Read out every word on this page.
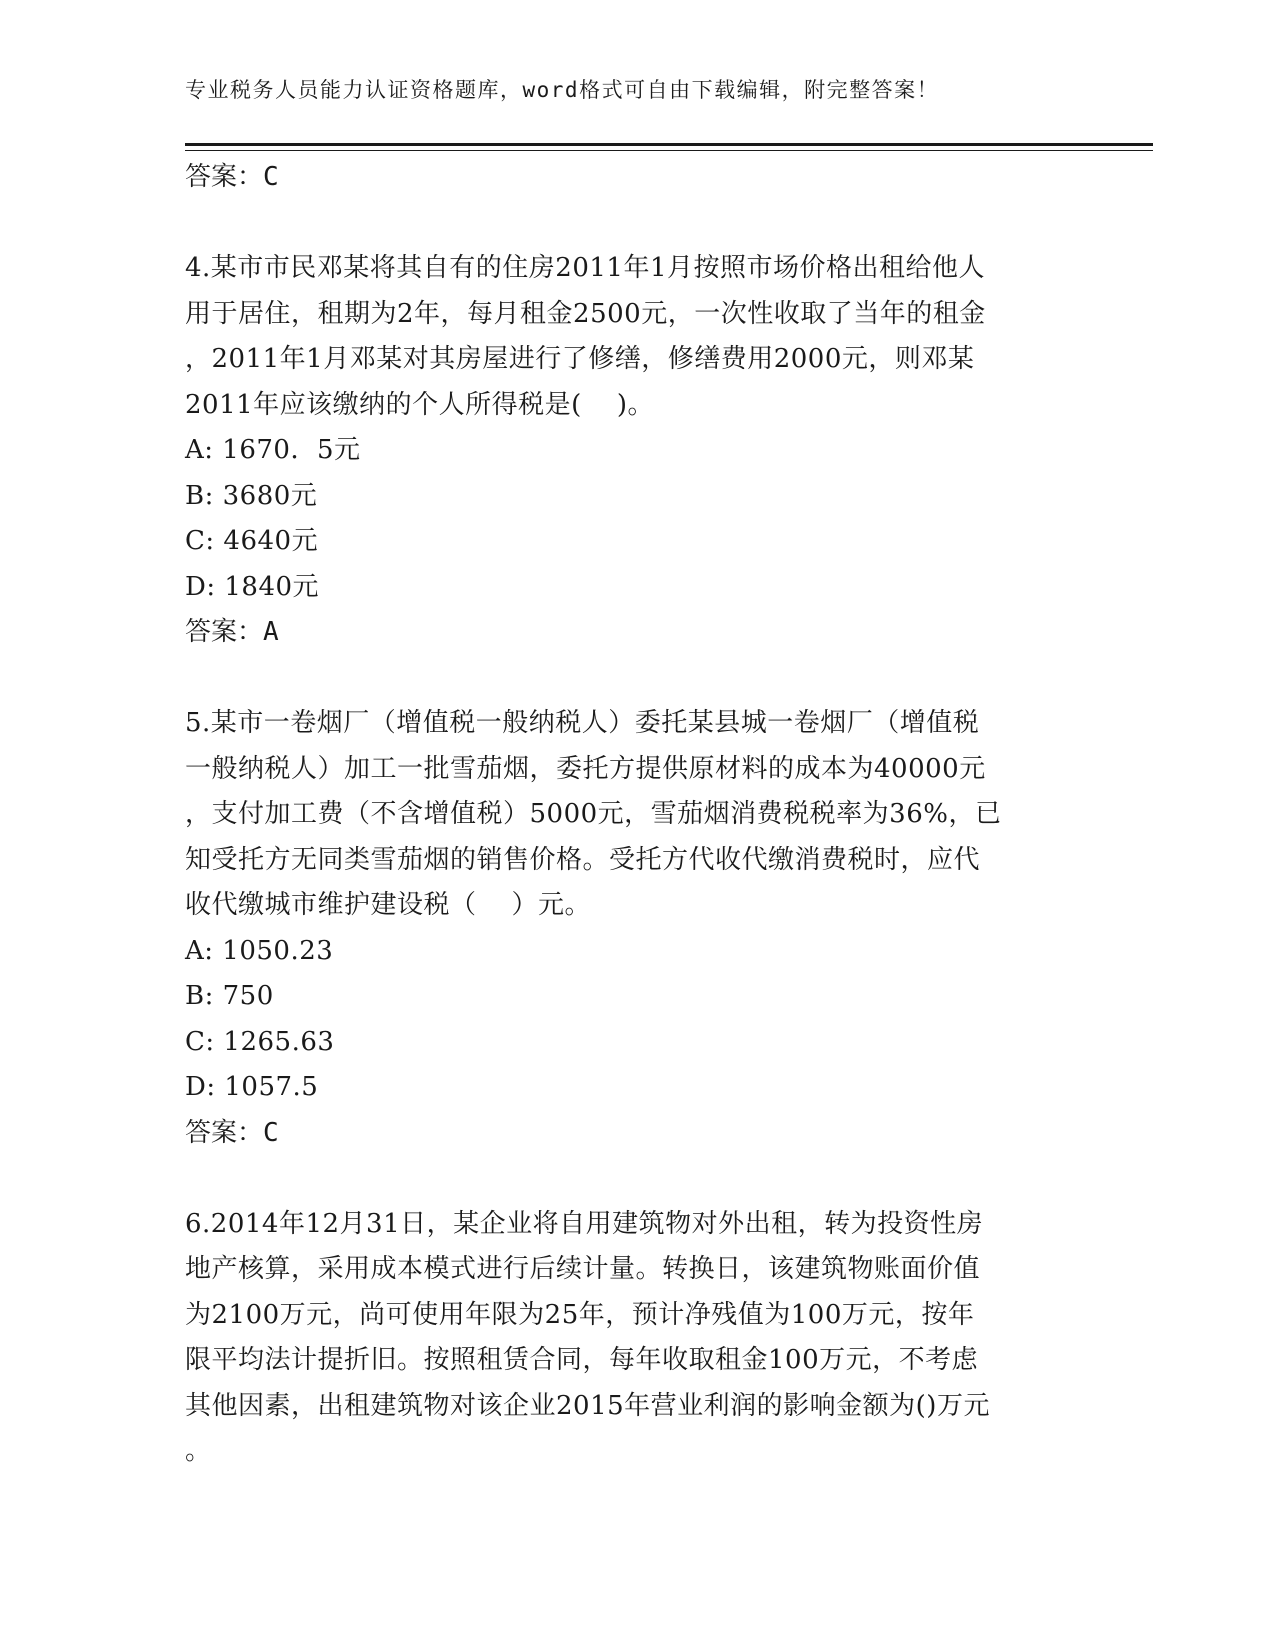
专业税务人员能力认证资格题库，word格式可自由下载编辑，附完整答案！
答案：C
4.某市市民邓某将其自有的住房2011年1月按照市场价格出租给他人
用于居住，租期为2年，每月租金2500元，一次性收取了当年的租金
，2011年1月邓某对其房屋进行了修缮，修缮费用2000元，则邓某
2011年应该缴纳的个人所得税是(    )。
A: 1670．5元
B: 3680元
C: 4640元
D: 1840元
答案：A
5.某市一卷烟厂（增值税一般纳税人）委托某县城一卷烟厂（增值税
一般纳税人）加工一批雪茄烟，委托方提供原材料的成本为40000元
，支付加工费（不含增值税）5000元，雪茄烟消费税税率为36%，已
知受托方无同类雪茄烟的销售价格。受托方代收代缴消费税时，应代
收代缴城市维护建设税（    ）元。
A: 1050.23
B: 750
C: 1265.63
D: 1057.5
答案：C
6.2014年12月31日，某企业将自用建筑物对外出租，转为投资性房
地产核算，采用成本模式进行后续计量。转换日，该建筑物账面价值
为2100万元，尚可使用年限为25年，预计净残值为100万元，按年
限平均法计提折旧。按照租赁合同，每年收取租金100万元，不考虑
其他因素，出租建筑物对该企业2015年营业利润的影响金额为()万元
。
